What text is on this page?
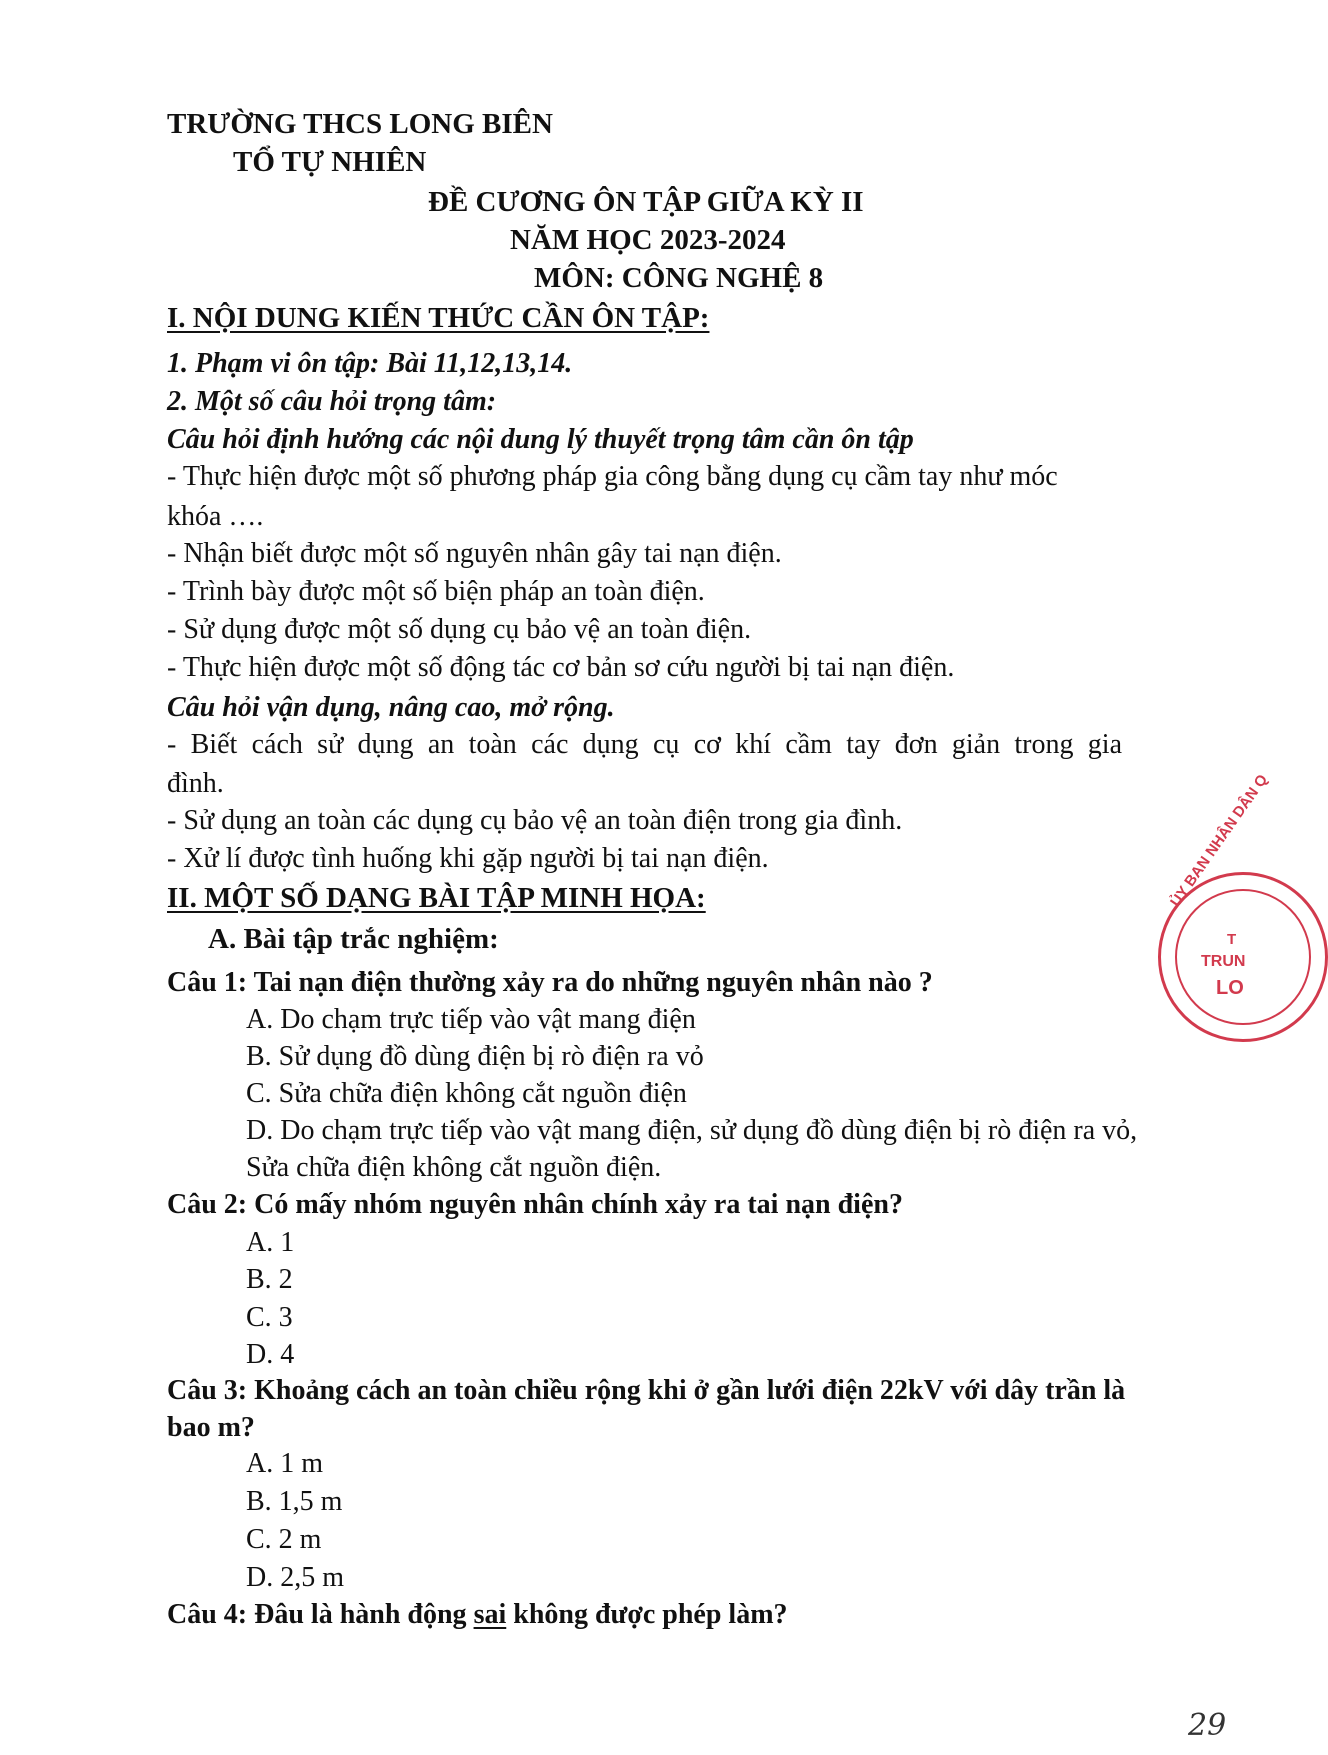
TRƯỜNG THCS LONG BIÊN
TỔ TỰ NHIÊN
ĐỀ CƯƠNG ÔN TẬP GIỮA KỲ II
NĂM HỌC 2023-2024
MÔN: CÔNG NGHỆ 8
I. NỘI DUNG KIẾN THỨC CẦN ÔN TẬP:
1. Phạm vi ôn tập: Bài 11,12,13,14.
2. Một số câu hỏi trọng tâm:
Câu hỏi định hướng các nội dung lý thuyết trọng tâm cần ôn tập
- Thực hiện được một số phương pháp gia công bằng dụng cụ cầm tay như móc
khóa ….
- Nhận biết được một số nguyên nhân gây tai nạn điện.
- Trình bày được một số biện pháp an toàn điện.
- Sử dụng được một số dụng cụ bảo vệ an toàn điện.
- Thực hiện được một số động tác cơ bản sơ cứu người bị tai nạn điện.
Câu hỏi vận dụng, nâng cao, mở rộng.
- Biết cách sử dụng an toàn các dụng cụ cơ khí cầm tay đơn giản trong gia
đình.
- Sử dụng an toàn các dụng cụ bảo vệ an toàn điện trong gia đình.
- Xử lí được tình huống khi gặp người bị tai nạn điện.
II. MỘT SỐ DẠNG BÀI TẬP MINH HỌA:
A. Bài tập trắc nghiệm:
Câu 1: Tai nạn điện thường xảy ra do những nguyên nhân nào ?
A. Do chạm trực tiếp vào vật mang điện
B. Sử dụng đồ dùng điện bị rò điện ra vỏ
C. Sửa chữa điện không cắt nguồn điện
D. Do chạm trực tiếp vào vật mang điện, sử dụng đồ dùng điện bị rò điện ra vỏ,
Sửa chữa điện không cắt nguồn điện.
Câu 2: Có mấy nhóm nguyên nhân chính xảy ra tai nạn điện?
A. 1
B. 2
C. 3
D. 4
Câu 3: Khoảng cách an toàn chiều rộng khi ở gần lưới điện 22kV với dây trần là
bao m?
A. 1 m
B. 1,5 m
C. 2 m
D. 2,5 m
Câu 4: Đâu là hành động sai không được phép làm?
ỦY BAN NHÂN DÂN Q
T
TRUN
LO
29
